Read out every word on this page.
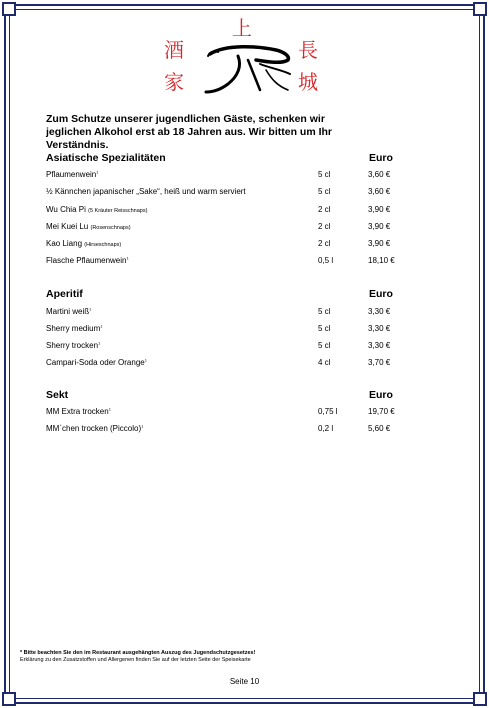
上
酒
家
長
城
Zum Schutze unserer jugendlichen Gäste, schenken wir jeglichen Alkohol erst ab 18 Jahren aus. Wir bitten um Ihr Verständnis.
Asiatische Spezialitäten	Euro
Pflaumenwein$^1$	5 cl	3,60 €
½ Kännchen japanischer „Sake“, heiß und warm serviert	5 cl	3,60 €
Wu Chia Pi (5 Kräuter Reisschnaps)	2 cl	3,90 €
Mei Kuei Lu (Rosenschnaps)	2 cl	3,90 €
Kao Liang (Hirseschnaps)	2 cl	3,90 €
Flasche Pflaumenwein$^1$	0,5 l	18,10 €
Aperitif	Euro
Martini weiß$^1$	5 cl	3,30 €
Sherry medium$^1$	5 cl	3,30 €
Sherry trocken$^1$	5 cl	3,30 €
Campari-Soda oder Orange$^1$	4 cl	3,70 €
Sekt	Euro
MM Extra trocken$^1$	0,75 l	19,70 €
MM`chen trocken (Piccolo)$^1$	0,2 l	5,60 €
* Bitte beachten Sie den im Restaurant ausgehängten Auszug des Jugendschutzgesetzes!
Erklärung zu den Zusatzstoffen und Allergenen finden Sie auf der letzten Seite der Speisekarte
Seite 10
